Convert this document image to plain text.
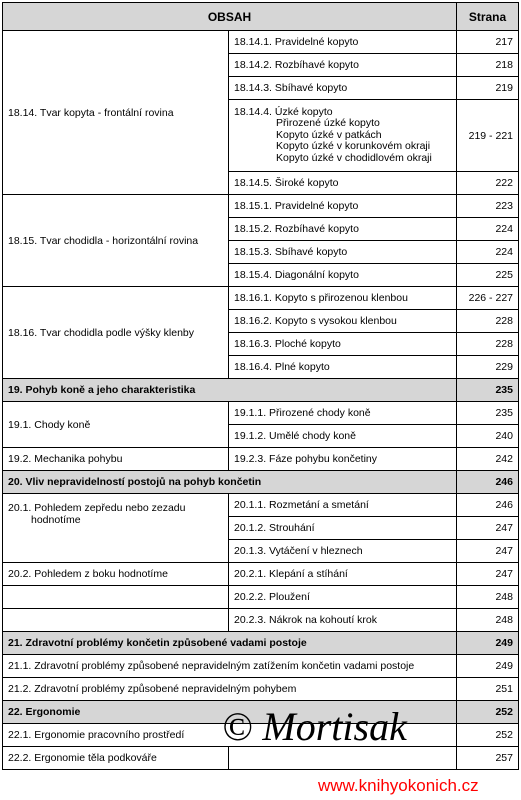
OBSAH		Strana
18.14. Tvar kopyta - frontální rovina	18.14.1. Pravidelné kopyto	217
	18.14.2. Rozbíhavé kopyto	218
	18.14.3. Sbíhavé kopyto	219

	18.14.4. Úzké kopyto
Přirozené úzké kopyto
Kopyto úzké v patkách
Kopyto úzké v korunkovém okraji
Kopyto úzké v chodidlovém okraji	219 - 221
	18.14.5. Široké kopyto	222
18.15. Tvar chodidla - horizontální rovina	18.15.1. Pravidelné kopyto	223
	18.15.2. Rozbíhavé kopyto	224
	18.15.3. Sbíhavé kopyto	224
	18.15.4. Diagonální kopyto	225
18.16. Tvar chodidla podle výšky klenby	18.16.1. Kopyto s přirozenou klenbou	226 - 227
	18.16.2. Kopyto s vysokou klenbou	228
	18.16.3. Ploché kopyto	228
	18.16.4. Plné kopyto	229
19. Pohyb koně a jeho charakteristika		235
19.1. Chody koně	19.1.1. Přirozené chody koně	235
	19.1.2. Umělé chody koně	240
19.2. Mechanika pohybu	19.2.3. Fáze pohybu končetiny	242
20. Vliv nepravidelností postojů na pohyb končetin		246

20.1. Pohledem zepředu nebo zezadu
hodnotíme	20.1.1. Rozmetání a smetání	246
	20.1.2. Strouhání	247
	20.1.3. Vytáčení v hleznech	247
20.2. Pohledem z boku hodnotíme	20.2.1. Klepání a stíhání	247
	20.2.2. Ploužení	248
	20.2.3. Nákrok na kohoutí krok	248
21. Zdravotní problémy končetin způsobené vadami postoje		249
21.1. Zdravotní problémy způsobené nepravidelným zatížením končetin vadami postoje		249
21.2. Zdravotní problémy způsobené nepravidelným pohybem		251
22. Ergonomie		252
22.1. Ergonomie pracovního prostředí		252
22.2. Ergonomie těla podkováře		257
© Mortisak
www.knihyokonich.cz
